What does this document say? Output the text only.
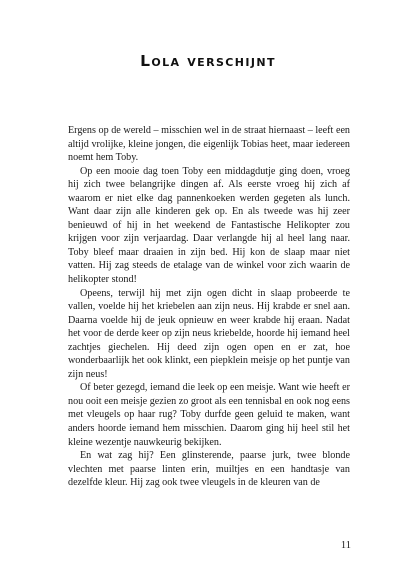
Lola verschijnt

Ergens op de wereld – misschien wel in de straat hiernaast – leeft een altijd vrolijke, kleine jongen, die eigenlijk Tobias heet, maar iedereen noemt hem Toby.

Op een mooie dag toen Toby een middagdutje ging doen, vroeg hij zich twee belangrijke dingen af. Als eerste vroeg hij zich af waarom er niet elke dag pannenkoeken werden gegeten als lunch. Want daar zijn alle kinderen gek op. En als tweede was hij zeer benieuwd of hij in het weekend de Fantastische Helikopter zou krijgen voor zijn verjaardag. Daar verlangde hij al heel lang naar. Toby bleef maar draaien in zijn bed. Hij kon de slaap maar niet vatten. Hij zag steeds de etalage van de winkel voor zich waarin de helikopter stond!

Opeens, terwijl hij met zijn ogen dicht in slaap probeerde te vallen, voelde hij het kriebelen aan zijn neus. Hij krabde er snel aan. Daarna voelde hij de jeuk opnieuw en weer krabde hij eraan. Nadat het voor de derde keer op zijn neus kriebelde, hoorde hij iemand heel zachtjes giechelen. Hij deed zijn ogen open en er zat, hoe wonderbaarlijk het ook klinkt, een piepklein meisje op het puntje van zijn neus!

Of beter gezegd, iemand die leek op een meisje. Want wie heeft er nou ooit een meisje gezien zo groot als een tennisbal en ook nog eens met vleugels op haar rug? Toby durfde geen geluid te maken, want anders hoorde iemand hem misschien. Daarom ging hij heel stil het kleine wezentje nauwkeurig bekijken.

En wat zag hij? Een glinsterende, paarse jurk, twee blonde vlechten met paarse linten erin, muiltjes en een handtasje van dezelfde kleur. Hij zag ook twee vleugels in de kleuren van de

11
